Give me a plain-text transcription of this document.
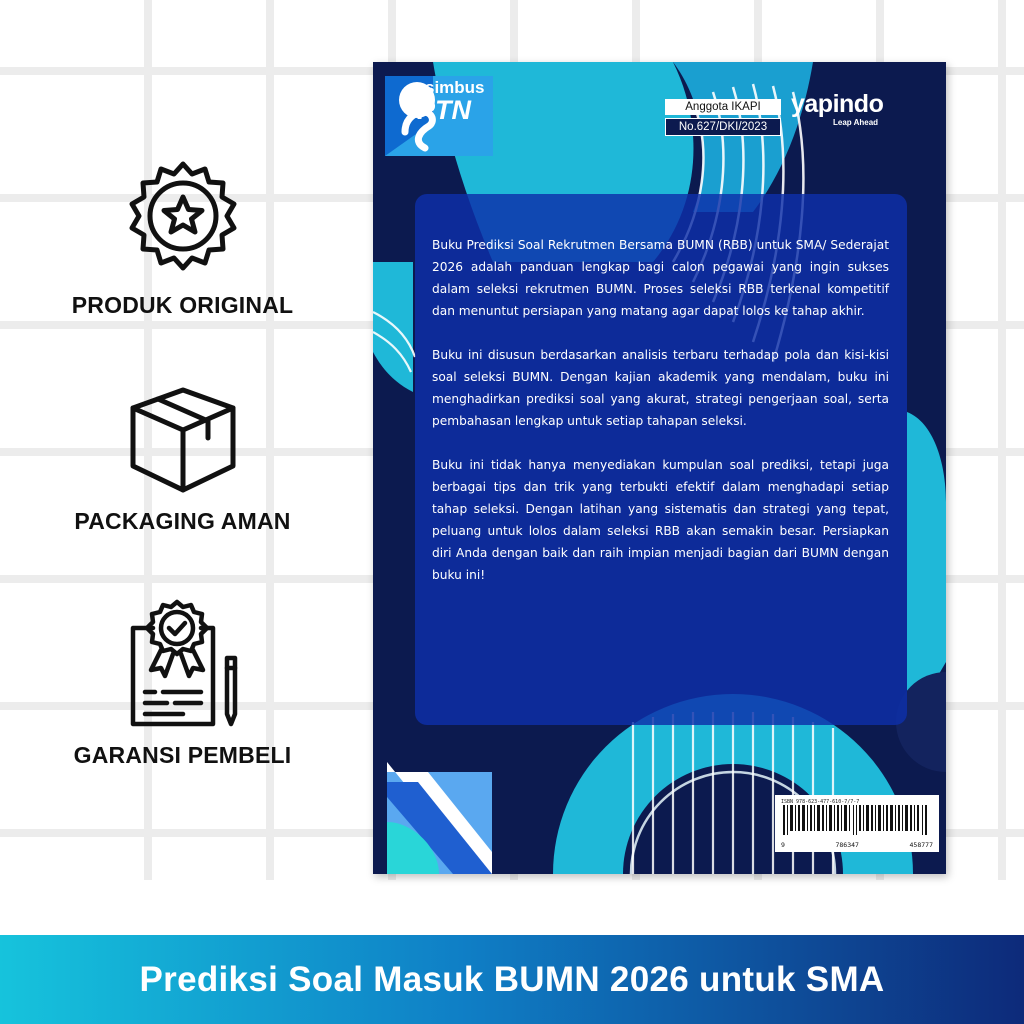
PRODUK ORIGINAL
PACKAGING AMAN
GARANSI PEMBELI
simbus
PTN	Anggota IKAPI
No.627/DKI/2023
yapindo
Leap Ahead

Buku Prediksi Soal Rekrutmen Bersama BUMN (RBB) untuk SMA/ Sederajat 2026 adalah panduan lengkap bagi calon pegawai yang ingin sukses dalam seleksi rekrutmen BUMN. Proses seleksi RBB terkenal kompetitif dan menuntut persiapan yang matang agar dapat lolos ke tahap akhir.

Buku ini disusun berdasarkan analisis terbaru terhadap pola dan kisi-kisi soal seleksi BUMN. Dengan kajian akademik yang mendalam, buku ini menghadirkan prediksi soal yang akurat, strategi pengerjaan soal, serta pembahasan lengkap untuk setiap tahapan seleksi.

Buku ini tidak hanya menyediakan kumpulan soal prediksi, tetapi juga berbagai tips dan trik yang terbukti efektif dalam menghadapi setiap tahap seleksi. Dengan latihan yang sistematis dan strategi yang tepat, peluang untuk lolos dalam seleksi RBB akan semakin besar. Persiapkan diri Anda dengan baik dan raih impian menjadi bagian dari BUMN dengan buku ini!

ISBN 978-623-477-610-7/7-7
9	786347	458777
Prediksi Soal Masuk BUMN 2026 untuk SMA
